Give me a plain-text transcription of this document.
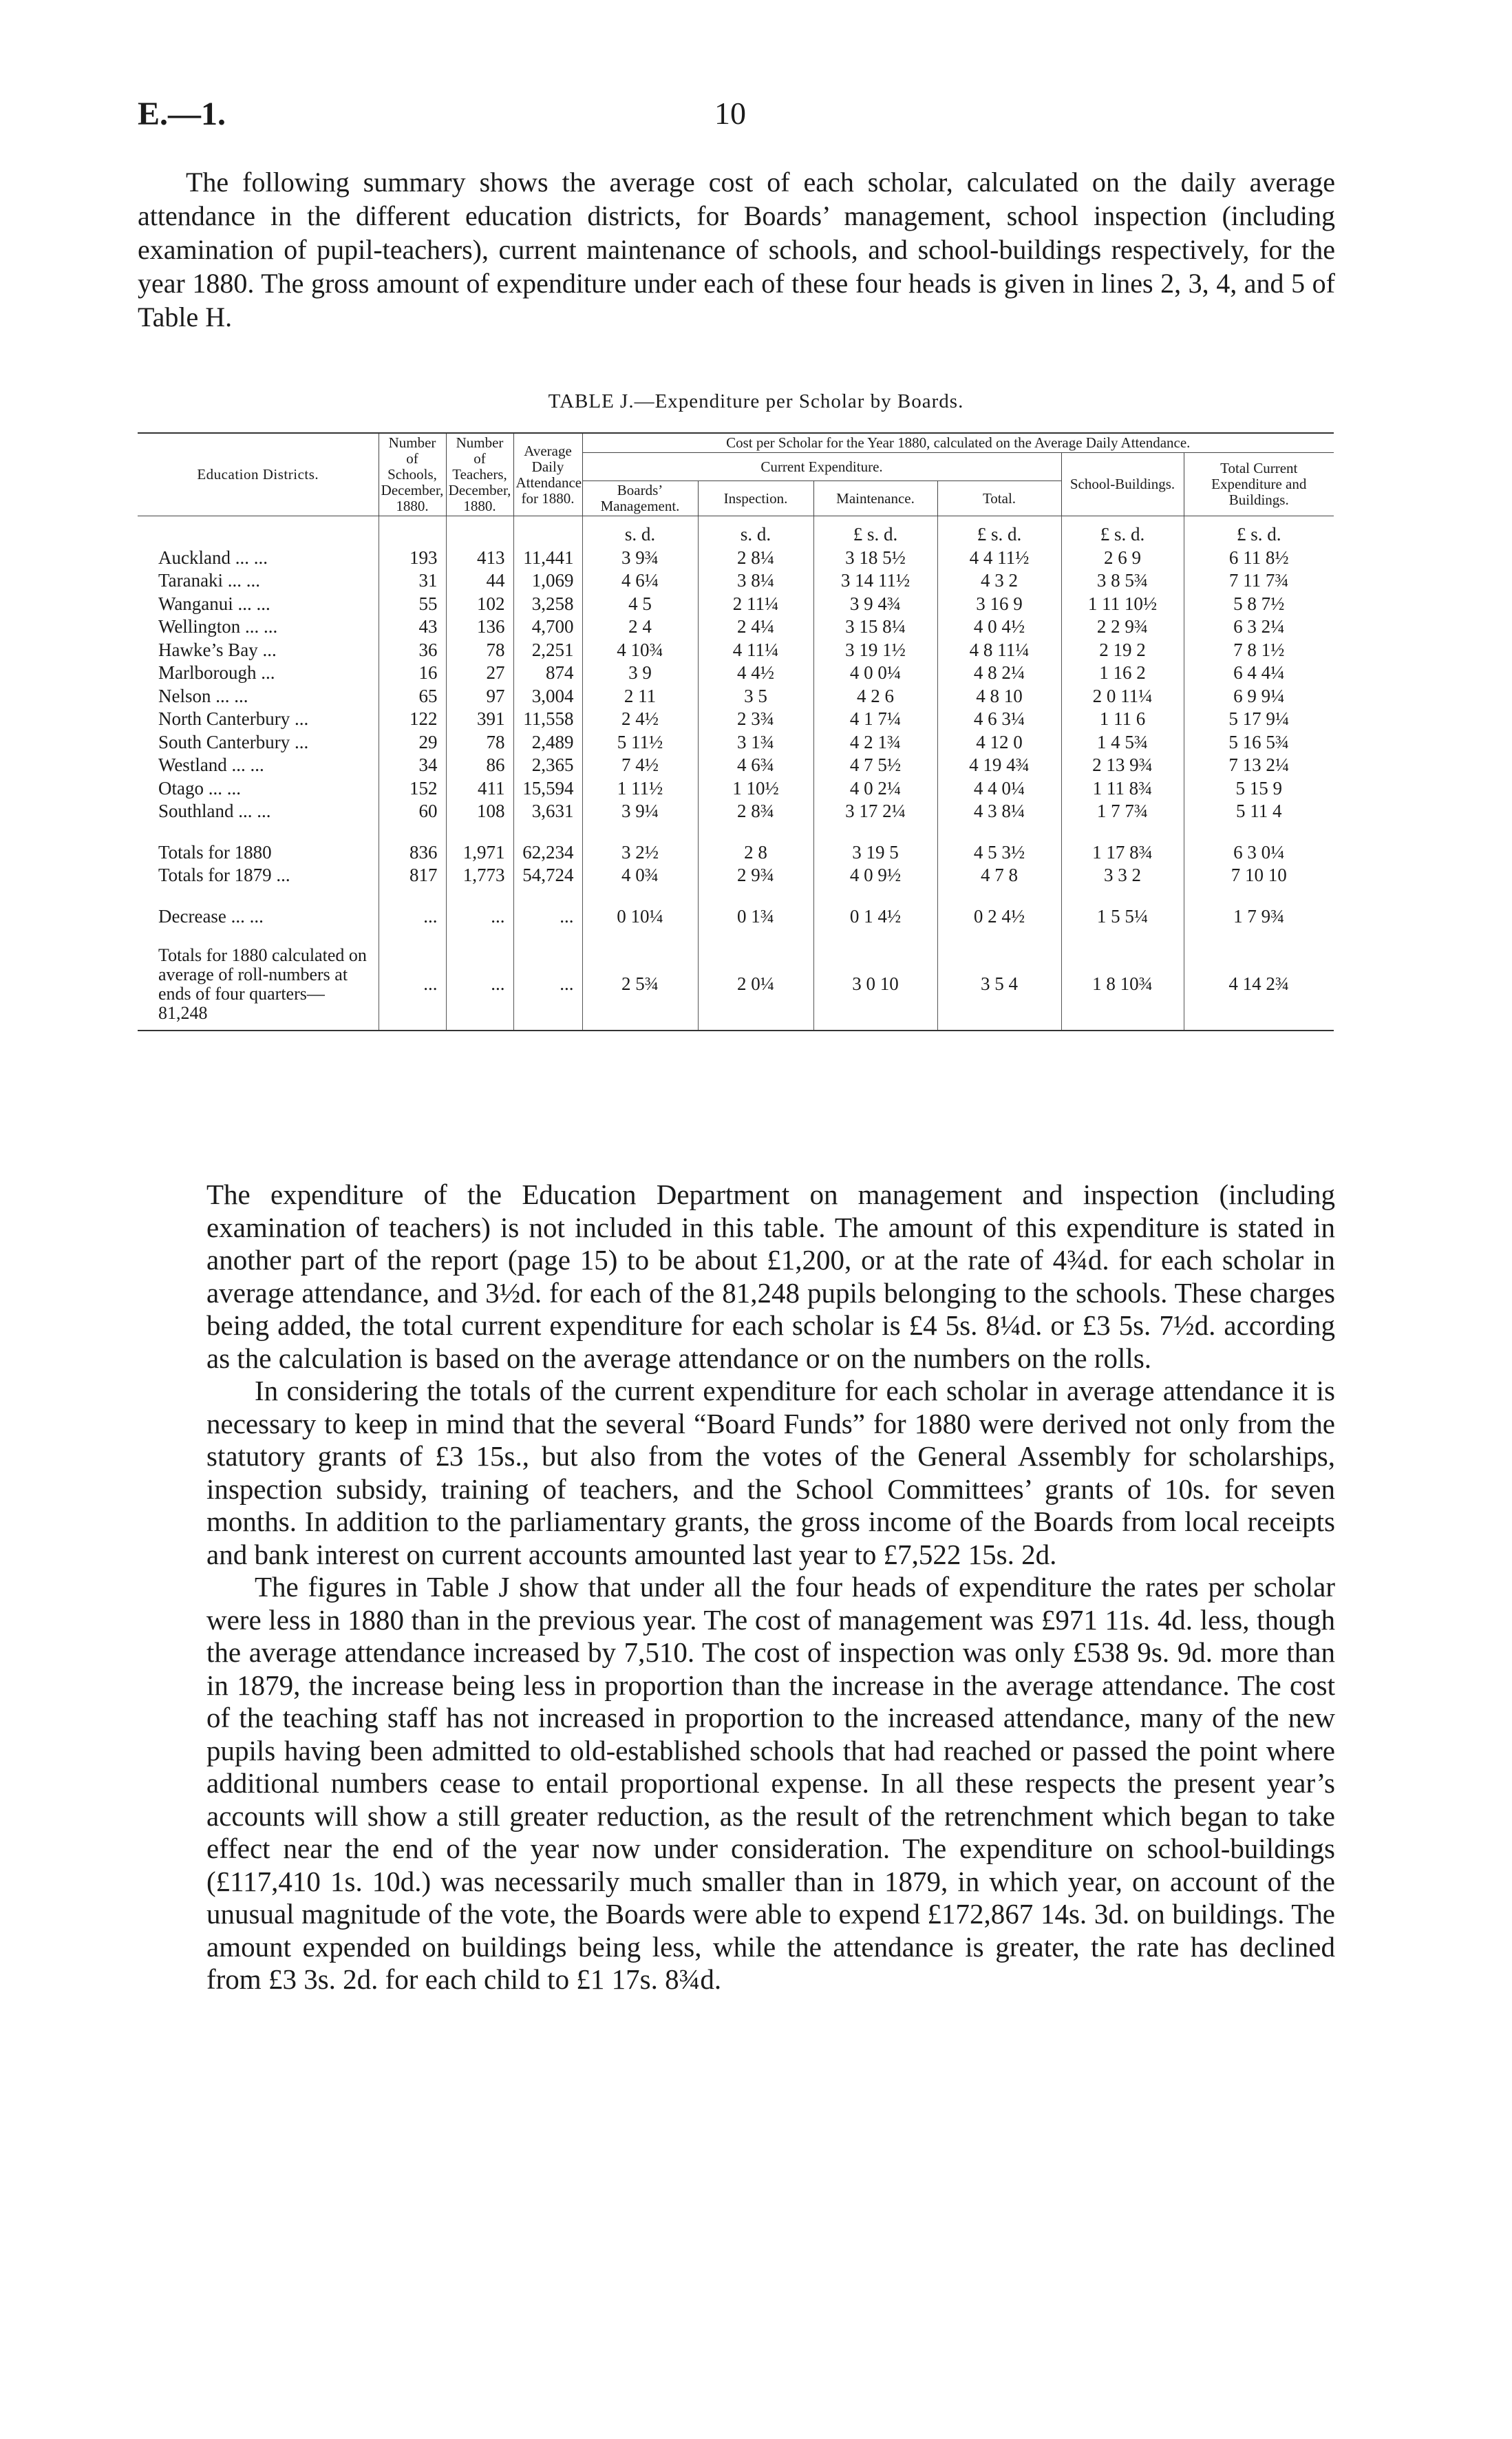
E.—1.	10

The following summary shows the average cost of each scholar, calculated on the daily average attendance in the different education districts, for Boards’ management, school inspection (including examination of pupil-teachers), current maintenance of schools, and school-buildings respectively, for the year 1880. The gross amount of expenditure under each of these four heads is given in lines 2, 3, 4, and 5 of Table H.

TABLE J.—Expenditure per Scholar by Boards.
Education Districts.	Number of Schools, December, 1880.	Number of Teachers, December, 1880.	Average Daily Attendance for 1880.	Cost per Scholar for the Year 1880, calculated on the Average Daily Attendance.					
				Current Expenditure.				School-Buildings.	Total Current Expenditure and Buildings.
				Boards’ Management.	Inspection.	Maintenance.	Total.		
				s. d.	s. d.	£ s. d.	£ s. d.	£ s. d.	£ s. d.
Auckland ... ...	193	413	11,441	3 9¾	2 8¼	3 18 5½	4 4 11½	2 6 9	6 11 8½
Taranaki ... ...	31	44	1,069	4 6¼	3 8¼	3 14 11½	4 3 2	3 8 5¾	7 11 7¾
Wanganui ... ...	55	102	3,258	4 5	2 11¼	3 9 4¾	3 16 9	1 11 10½	5 8 7½
Wellington ... ...	43	136	4,700	2 4	2 4¼	3 15 8¼	4 0 4½	2 2 9¾	6 3 2¼
Hawke’s Bay ...	36	78	2,251	4 10¾	4 11¼	3 19 1½	4 8 11¼	2 19 2	7 8 1½
Marlborough ...	16	27	874	3 9	4 4½	4 0 0¼	4 8 2¼	1 16 2	6 4 4¼
Nelson ... ...	65	97	3,004	2 11	3 5	4 2 6	4 8 10	2 0 11¼	6 9 9¼
North Canterbury ...	122	391	11,558	2 4½	2 3¾	4 1 7¼	4 6 3¼	1 11 6	5 17 9¼
South Canterbury ...	29	78	2,489	5 11½	3 1¾	4 2 1¾	4 12 0	1 4 5¾	5 16 5¾
Westland ... ...	34	86	2,365	7 4½	4 6¾	4 7 5½	4 19 4¾	2 13 9¾	7 13 2¼
Otago ... ...	152	411	15,594	1 11½	1 10½	4 0 2¼	4 4 0¼	1 11 8¾	5 15 9
Southland ... ...	60	108	3,631	3 9¼	2 8¾	3 17 2¼	4 3 8¼	1 7 7¾	5 11 4

Totals for 1880	836	1,971	62,234	3 2½	2 8	3 19 5	4 5 3½	1 17 8¾	6 3 0¼
Totals for 1879 ...	817	1,773	54,724	4 0¾	2 9¾	4 0 9½	4 7 8	3 3 2	7 10 10

Decrease ... ...	...	...	...	0 10¼	0 1¾	0 1 4½	0 2 4½	1 5 5¼	1 7 9¾

Totals for 1880 calculated on average of roll-numbers at ends of four quarters—81,248	...	...	...	2 5¾	2 0¼	3 0 10	3 5 4	1 8 10¾	4 14 2¾

The expenditure of the Education Department on management and inspection (including examination of teachers) is not included in this table. The amount of this expenditure is stated in another part of the report (page 15) to be about £1,200, or at the rate of 4¾d. for each scholar in average attendance, and 3½d. for each of the 81,248 pupils belonging to the schools. These charges being added, the total current expenditure for each scholar is £4 5s. 8¼d. or £3 5s. 7½d. according as the calculation is based on the average attendance or on the numbers on the rolls.

In considering the totals of the current expenditure for each scholar in average attendance it is necessary to keep in mind that the several “Board Funds” for 1880 were derived not only from the statutory grants of £3 15s., but also from the votes of the General Assembly for scholarships, inspection subsidy, training of teachers, and the School Committees’ grants of 10s. for seven months. In addition to the parliamentary grants, the gross income of the Boards from local receipts and bank interest on current accounts amounted last year to £7,522 15s. 2d.

The figures in Table J show that under all the four heads of expenditure the rates per scholar were less in 1880 than in the previous year. The cost of management was £971 11s. 4d. less, though the average attendance increased by 7,510. The cost of inspection was only £538 9s. 9d. more than in 1879, the increase being less in proportion than the increase in the average attendance. The cost of the teaching staff has not increased in proportion to the increased attendance, many of the new pupils having been admitted to old-established schools that had reached or passed the point where additional numbers cease to entail proportional expense. In all these respects the present year’s accounts will show a still greater reduction, as the result of the retrenchment which began to take effect near the end of the year now under consideration. The expenditure on school-buildings (£117,410 1s. 10d.) was necessarily much smaller than in 1879, in which year, on account of the unusual magnitude of the vote, the Boards were able to expend £172,867 14s. 3d. on buildings. The amount expended on buildings being less, while the attendance is greater, the rate has declined from £3 3s. 2d. for each child to £1 17s. 8¾d.
